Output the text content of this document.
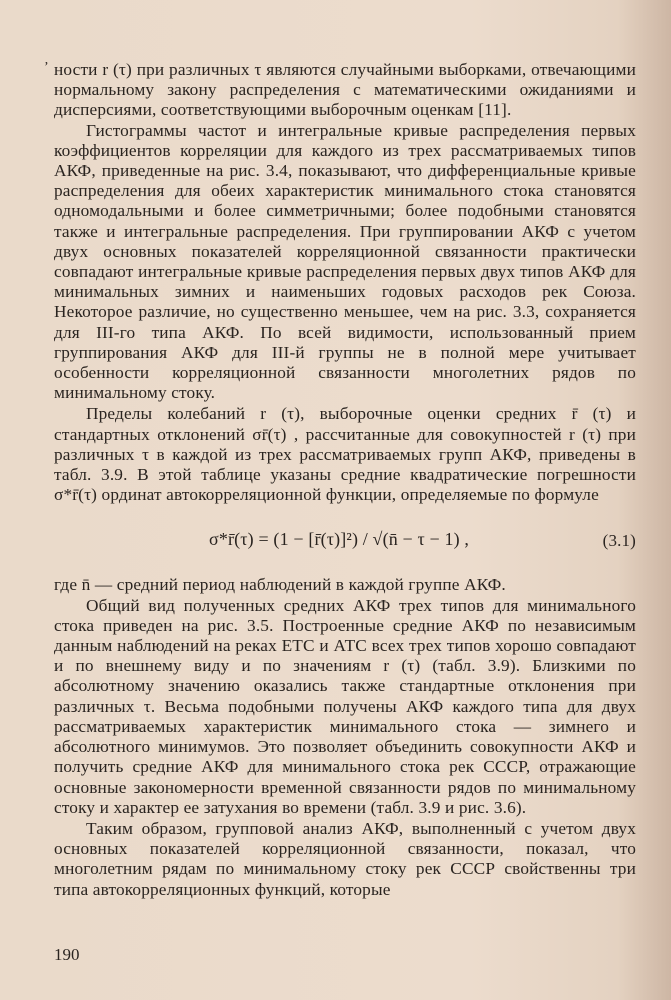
ʼ ности r (τ) при различных τ являются случайными выборками, отвечающими нормальному закону распределения с математическими ожиданиями и дисперсиями, соответствующими выборочным оценкам [11].

Гистограммы частот и интегральные кривые распределения первых коэффициентов корреляции для каждого из трех рассматриваемых типов АКФ, приведенные на рис. 3.4, показывают, что дифференциальные кривые распределения для обеих характеристик минимального стока становятся одномодальными и более симметричными; более подобными становятся также и интегральные распределения. При группировании АКФ с учетом двух основных показателей корреляционной связанности практически совпадают интегральные кривые распределения первых двух типов АКФ для минимальных зимних и наименьших годовых расходов рек Союза. Некоторое различие, но существенно меньшее, чем на рис. 3.3, сохраняется для III-го типа АКФ. По всей видимости, использованный прием группирования АКФ для III-й группы не в полной мере учитывает особенности корреляционной связанности многолетних рядов по минимальному стоку.

Пределы колебаний r (τ), выборочные оценки средних r̄ (τ) и стандартных отклонений σr̄(τ) , рассчитанные для совокупностей r (τ) при различных τ в каждой из трех рассматриваемых групп АКФ, приведены в табл. 3.9. В этой таблице указаны средние квадратические погрешности σ*r̄(τ) ординат автокорреляционной функции, определяемые по формуле

σ*r̄(τ) = (1 − [r̄(τ)]²) / √(n̄ − τ − 1) ,	(3.1)

где n̄ — средний период наблюдений в каждой группе АКФ.

Общий вид полученных средних АКФ трех типов для минимального стока приведен на рис. 3.5. Построенные средние АКФ по независимым данным наблюдений на реках ЕТС и АТС всех трех типов хорошо совпадают и по внешнему виду и по значениям r (τ) (табл. 3.9). Близкими по абсолютному значению оказались также стандартные отклонения при различных τ. Весьма подобными получены АКФ каждого типа для двух рассматриваемых характеристик минимального стока — зимнего и абсолютного минимумов. Это позволяет объединить совокупности АКФ и получить средние АКФ для минимального стока рек СССР, отражающие основные закономерности временной связанности рядов по минимальному стоку и характер ее затухания во времени (табл. 3.9 и рис. 3.6).

Таким образом, групповой анализ АКФ, выполненный с учетом двух основных показателей корреляционной связанности, показал, что многолетним рядам по минимальному стоку рек СССР свойственны три типа автокорреляционных функций, которые

190
